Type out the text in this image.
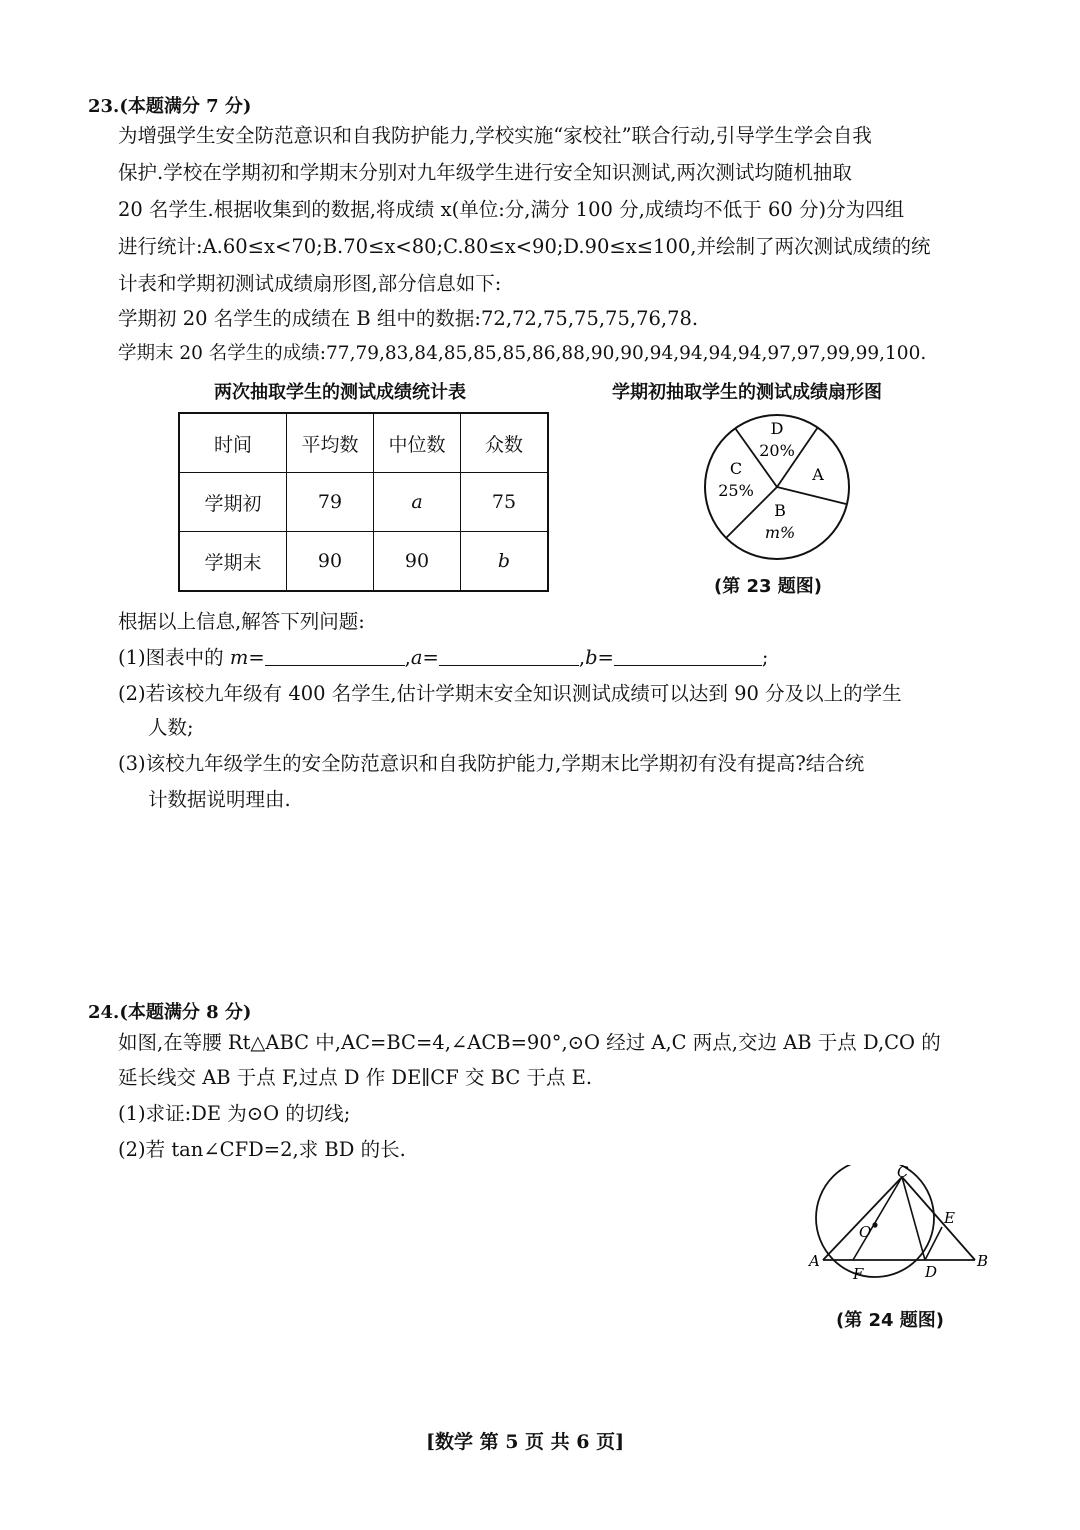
23.(本题满分 7 分)
为增强学生安全防范意识和自我防护能力,学校实施“家校社”联合行动,引导学生学会自我
保护.学校在学期初和学期末分别对九年级学生进行安全知识测试,两次测试均随机抽取
20 名学生.根据收集到的数据,将成绩 x(单位:分,满分 100 分,成绩均不低于 60 分)分为四组
进行统计:A.60≤x<70;B.70≤x<80;C.80≤x<90;D.90≤x≤100,并绘制了两次测试成绩的统
计表和学期初测试成绩扇形图,部分信息如下:
学期初 20 名学生的成绩在 B 组中的数据:72,72,75,75,75,76,78.
学期末 20 名学生的成绩:77,79,83,84,85,85,85,86,88,90,90,94,94,94,94,97,97,99,99,100.
两次抽取学生的测试成绩统计表	学期初抽取学生的测试成绩扇形图
时间	平均数	中位数	众数
学期初	79	a	75
学期末	90	90	b
D
20%
C
25%
A
B
m%
(第 23 题图)
根据以上信息,解答下列问题:
(1)图表中的 m=	,a=	,b=	;
(2)若该校九年级有 400 名学生,估计学期末安全知识测试成绩可以达到 90 分及以上的学生
人数;
(3)该校九年级学生的安全防范意识和自我防护能力,学期末比学期初有没有提高?结合统
计数据说明理由.
24.(本题满分 8 分)
如图,在等腰 Rt△ABC 中,AC=BC=4,∠ACB=90°,⊙O 经过 A,C 两点,交边 AB 于点 D,CO 的
延长线交 AB 于点 F,过点 D 作 DE∥CF 交 BC 于点 E.
(1)求证:DE 为⊙O 的切线;
(2)若 tan∠CFD=2,求 BD 的长.
C
E
O
A
F	D
B
(第 24 题图)
[数学 第 5 页 共 6 页]
